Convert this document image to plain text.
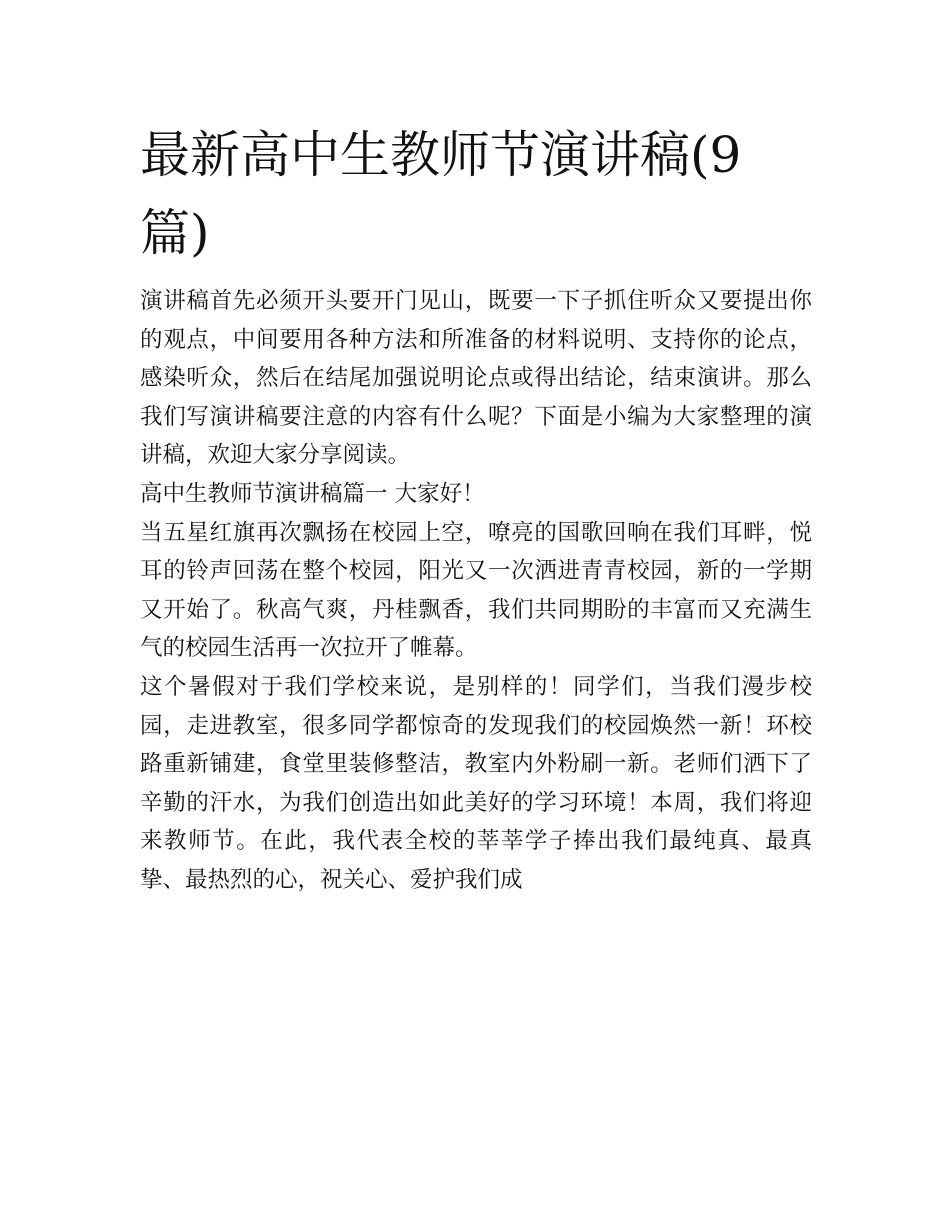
最新高中生教师节演讲稿(9篇)

演讲稿首先必须开头要开门见山，既要一下子抓住听众又要提出你的观点，中间要用各种方法和所准备的材料说明、支持你的论点，感染听众，然后在结尾加强说明论点或得出结论，结束演讲。那么我们写演讲稿要注意的内容有什么呢？下面是小编为大家整理的演讲稿，欢迎大家分享阅读。

高中生教师节演讲稿篇一 大家好！

当五星红旗再次飘扬在校园上空，嘹亮的国歌回响在我们耳畔，悦耳的铃声回荡在整个校园，阳光又一次洒进青青校园，新的一学期又开始了。秋高气爽，丹桂飘香，我们共同期盼的丰富而又充满生气的校园生活再一次拉开了帷幕。

这个暑假对于我们学校来说，是别样的！同学们，当我们漫步校园，走进教室，很多同学都惊奇的发现我们的校园焕然一新！环校路重新铺建，食堂里装修整洁，教室内外粉刷一新。老师们洒下了辛勤的汗水，为我们创造出如此美好的学习环境！本周，我们将迎来教师节。在此，我代表全校的莘莘学子捧出我们最纯真、最真挚、最热烈的心，祝关心、爱护我们成
